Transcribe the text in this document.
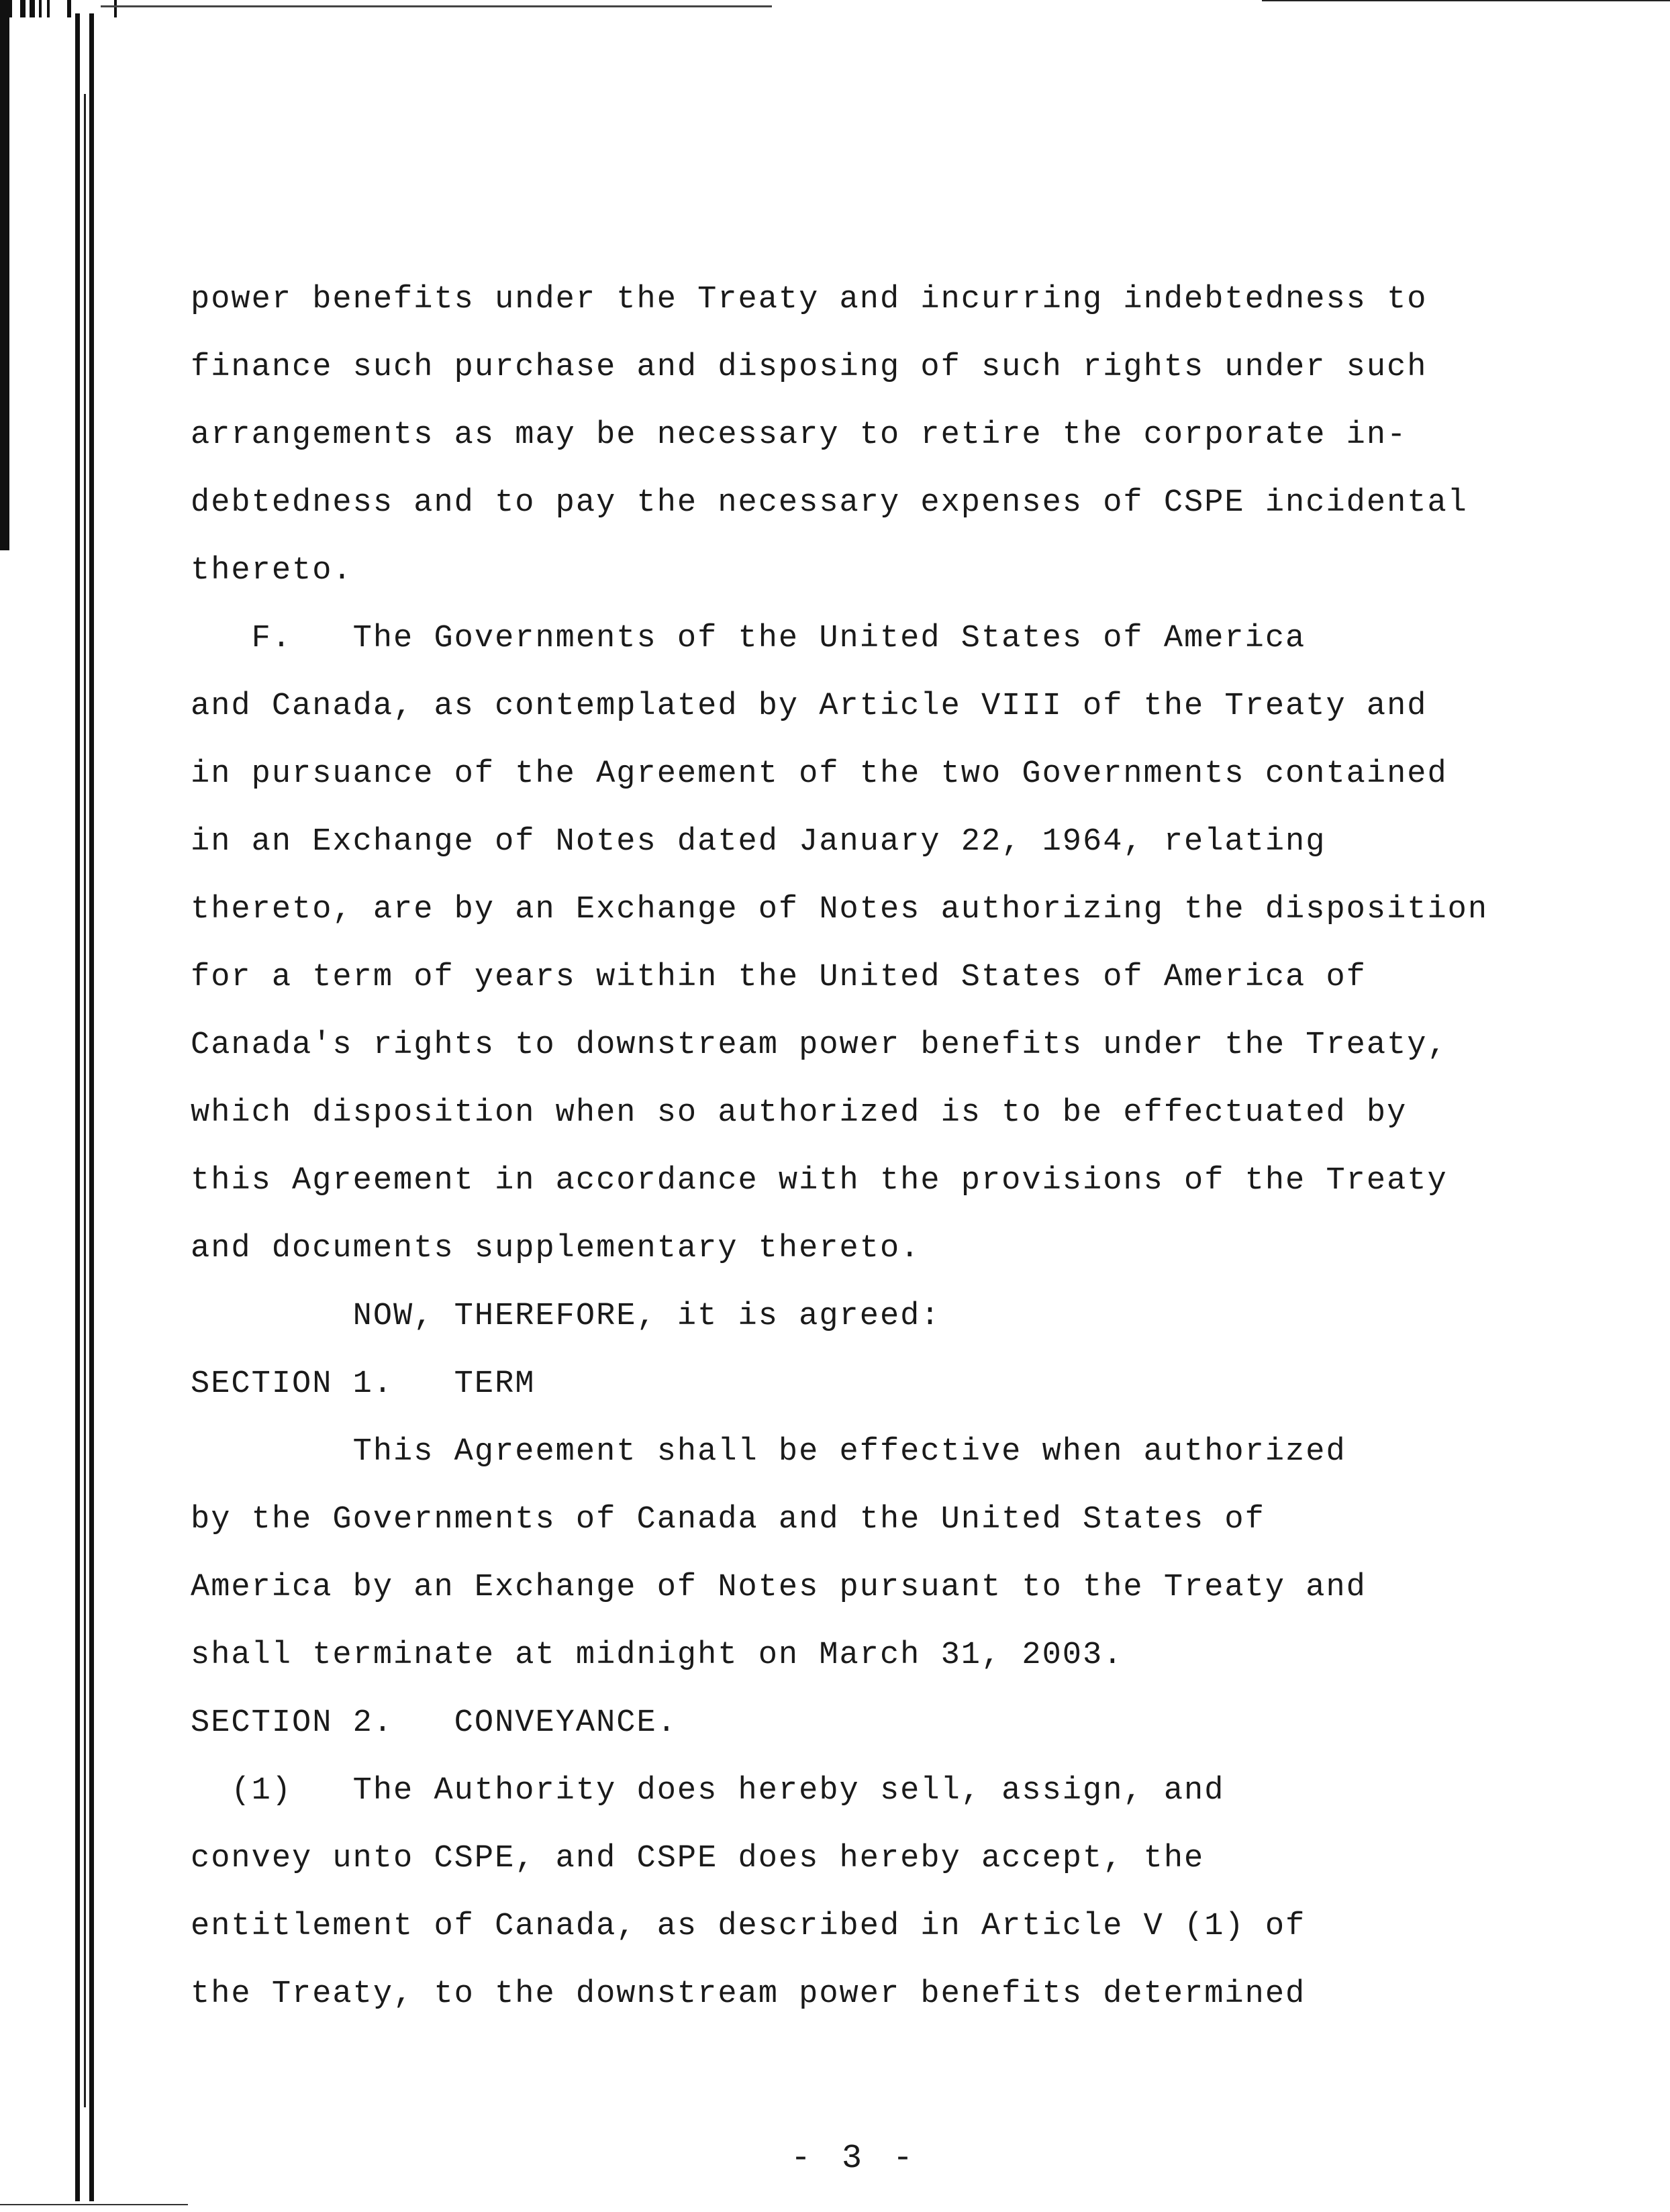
power benefits under the Treaty and incurring indebtedness to

finance such purchase and disposing of such rights under such

arrangements as may be necessary to retire the corporate in-

debtedness and to pay the necessary expenses of CSPE incidental

thereto.

F.   The Governments of the United States of America

and Canada, as contemplated by Article VIII of the Treaty and

in pursuance of the Agreement of the two Governments contained

in an Exchange of Notes dated January 22, 1964, relating

thereto, are by an Exchange of Notes authorizing the disposition

for a term of years within the United States of America of

Canada's rights to downstream power benefits under the Treaty,

which disposition when so authorized is to be effectuated by

this Agreement in accordance with the provisions of the Treaty

and documents supplementary thereto.

NOW, THEREFORE, it is agreed:

SECTION 1.   TERM

This Agreement shall be effective when authorized

by the Governments of Canada and the United States of

America by an Exchange of Notes pursuant to the Treaty and

shall terminate at midnight on March 31, 2003.

SECTION 2.   CONVEYANCE.

(1)   The Authority does hereby sell, assign, and

convey unto CSPE, and CSPE does hereby accept, the

entitlement of Canada, as described in Article V (1) of

the Treaty, to the downstream power benefits determined

- 3 -
